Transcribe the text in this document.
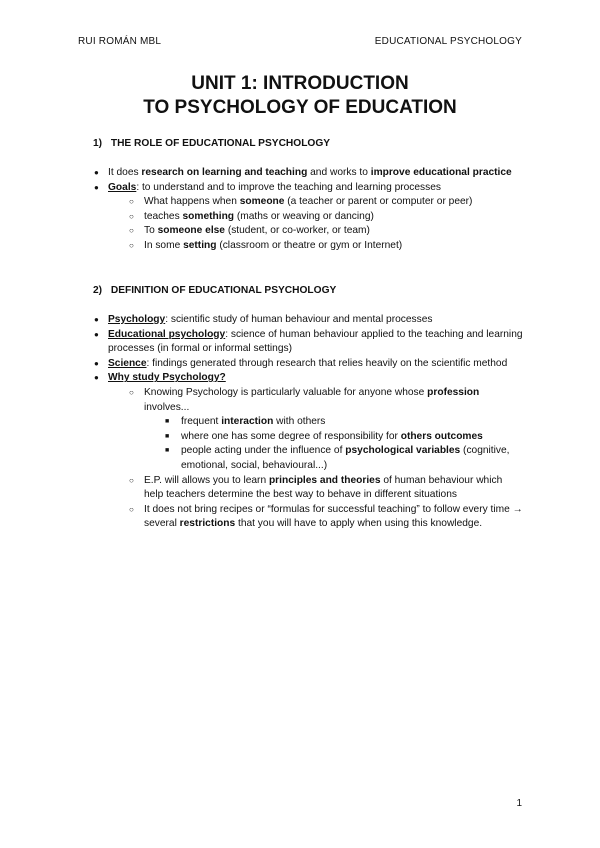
RUI ROMÁN MBL	EDUCATIONAL PSYCHOLOGY
UNIT 1: INTRODUCTION
TO PSYCHOLOGY OF EDUCATION
1) THE ROLE OF EDUCATIONAL PSYCHOLOGY
● It does research on learning and teaching and works to improve educational practice
● Goals: to understand and to improve the teaching and learning processes
○ What happens when someone (a teacher or parent or computer or peer)
○ teaches something (maths or weaving or dancing)
○ To someone else (student, or co-worker, or team)
○ In some setting (classroom or theatre or gym or Internet)
2) DEFINITION OF EDUCATIONAL PSYCHOLOGY
● Psychology: scientific study of human behaviour and mental processes
● Educational psychology: science of human behaviour applied to the teaching and learning processes (in formal or informal settings)
● Science: findings generated through research that relies heavily on the scientific method
● Why study Psychology?
○ Knowing Psychology is particularly valuable for anyone whose profession involves...
■ frequent interaction with others
■ where one has some degree of responsibility for others outcomes
■ people acting under the influence of psychological variables (cognitive, emotional, social, behavioural...)
○ E.P. will allows you to learn principles and theories of human behaviour which help teachers determine the best way to behave in different situations
○ It does not bring recipes or “formulas for successful teaching” to follow every time → several restrictions that you will have to apply when using this knowledge.
1
